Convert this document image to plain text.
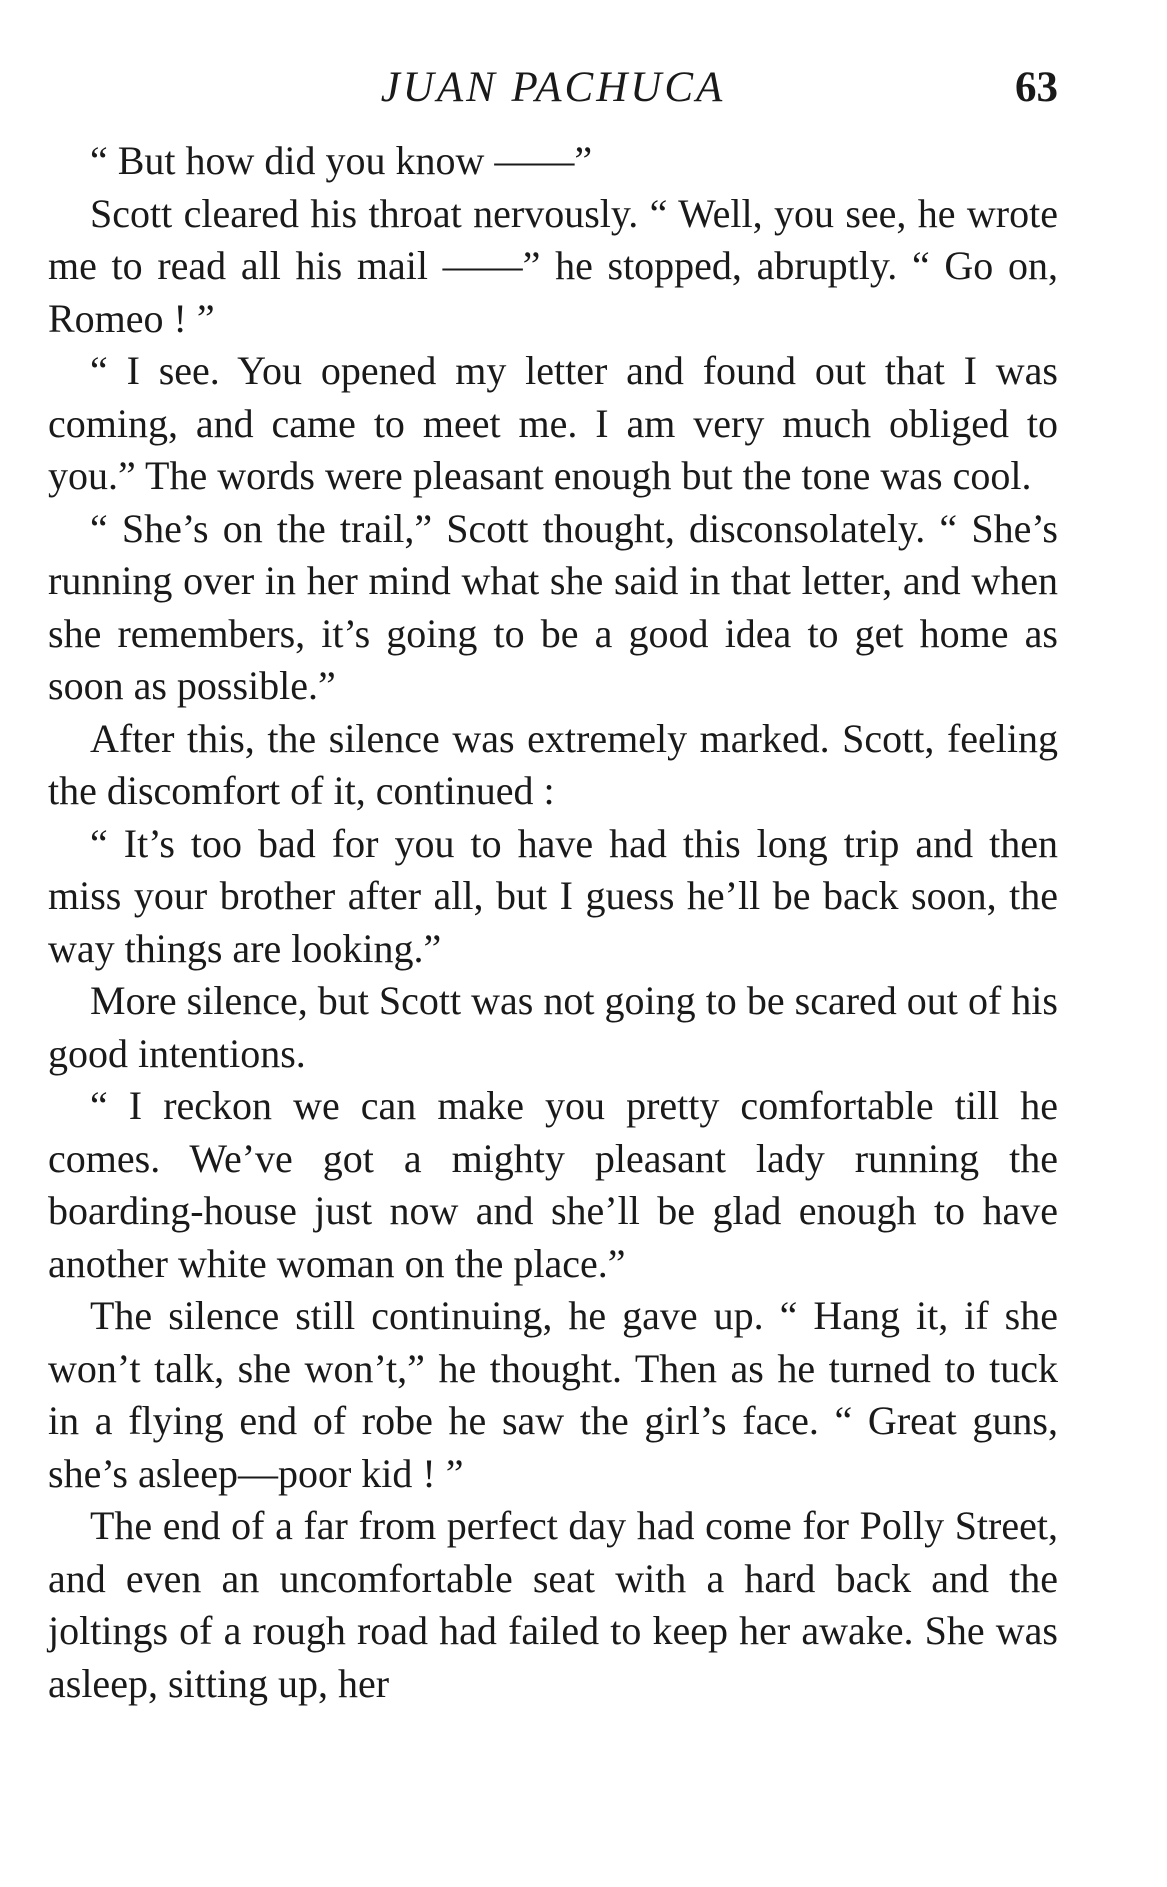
JUAN PACHUCA	63

“ But how did you know ——”

Scott cleared his throat nervously. “ Well, you see, he wrote me to read all his mail ——” he stopped, abruptly. “ Go on, Romeo ! ”

“ I see. You opened my letter and found out that I was coming, and came to meet me. I am very much obliged to you.” The words were pleasant enough but the tone was cool.

“ She’s on the trail,” Scott thought, disconsolately. “ She’s running over in her mind what she said in that letter, and when she remembers, it’s going to be a good idea to get home as soon as possible.”

After this, the silence was extremely marked. Scott, feeling the discomfort of it, continued :

“ It’s too bad for you to have had this long trip and then miss your brother after all, but I guess he’ll be back soon, the way things are looking.”

More silence, but Scott was not going to be scared out of his good intentions.

“ I reckon we can make you pretty comfortable till he comes. We’ve got a mighty pleasant lady running the boarding-house just now and she’ll be glad enough to have another white woman on the place.”

The silence still continuing, he gave up. “ Hang it, if she won’t talk, she won’t,” he thought. Then as he turned to tuck in a flying end of robe he saw the girl’s face. “ Great guns, she’s asleep—poor kid ! ”

The end of a far from perfect day had come for Polly Street, and even an uncomfortable seat with a hard back and the joltings of a rough road had failed to keep her awake. She was asleep, sitting up, her
